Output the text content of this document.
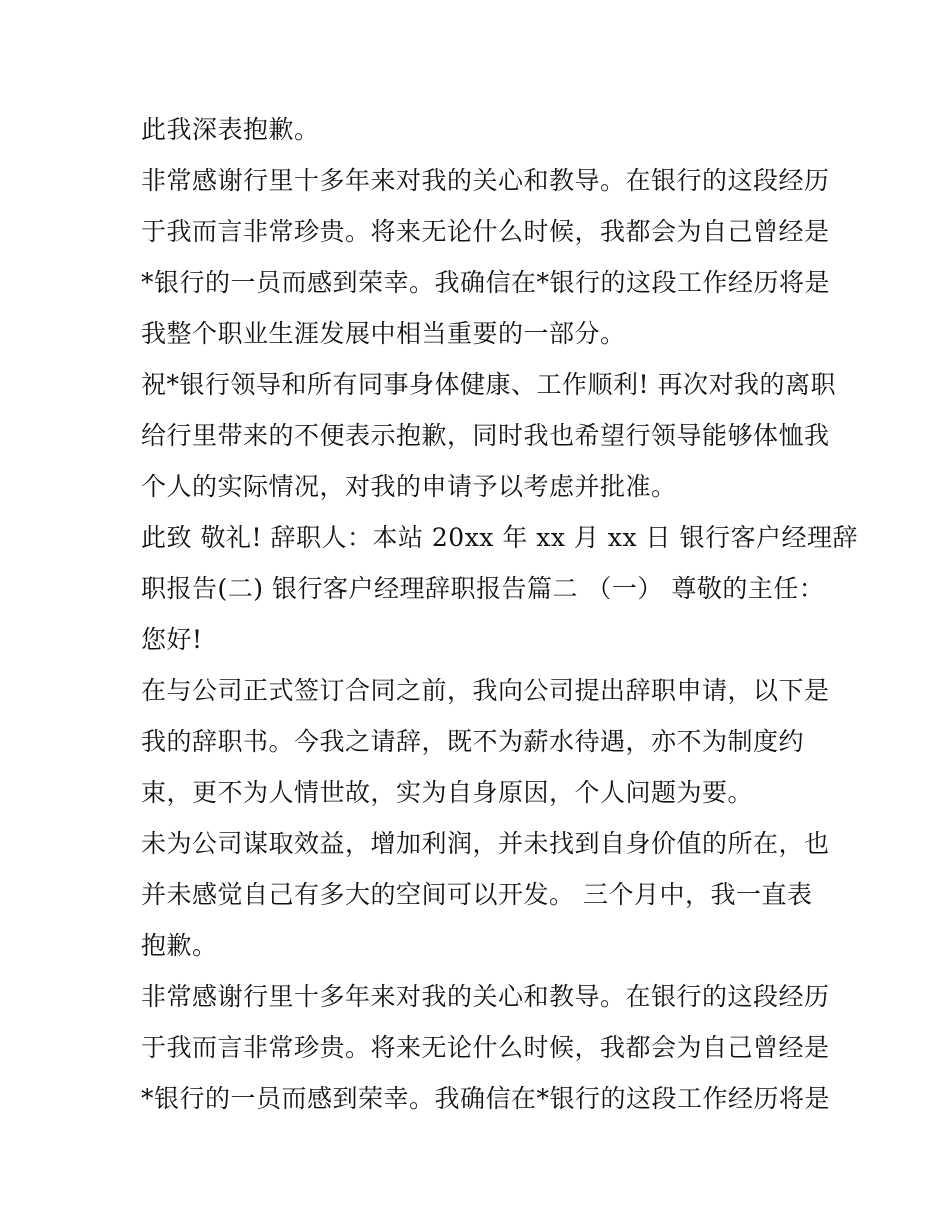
此我深表抱歉。
非常感谢行里十多年来对我的关心和教导。在银行的这段经历
于我而言非常珍贵。将来无论什么时候，我都会为自己曾经是
*银行的一员而感到荣幸。我确信在*银行的这段工作经历将是
我整个职业生涯发展中相当重要的一部分。
祝*银行领导和所有同事身体健康、工作顺利! 再次对我的离职
给行里带来的不便表示抱歉，同时我也希望行领导能够体恤我
个人的实际情况，对我的申请予以考虑并批准。
此致 敬礼! 辞职人：本站 20xx 年 xx 月 xx 日 银行客户经理辞
职报告(二) 银行客户经理辞职报告篇二 （一） 尊敬的主任：
您好!
在与公司正式签订合同之前，我向公司提出辞职申请，以下是
我的辞职书。今我之请辞，既不为薪水待遇，亦不为制度约
束，更不为人情世故，实为自身原因，个人问题为要。
未为公司谋取效益，增加利润，并未找到自身价值的所在，也
并未感觉自己有多大的空间可以开发。 三个月中，我一直表
抱歉。
非常感谢行里十多年来对我的关心和教导。在银行的这段经历
于我而言非常珍贵。将来无论什么时候，我都会为自己曾经是
*银行的一员而感到荣幸。我确信在*银行的这段工作经历将是
